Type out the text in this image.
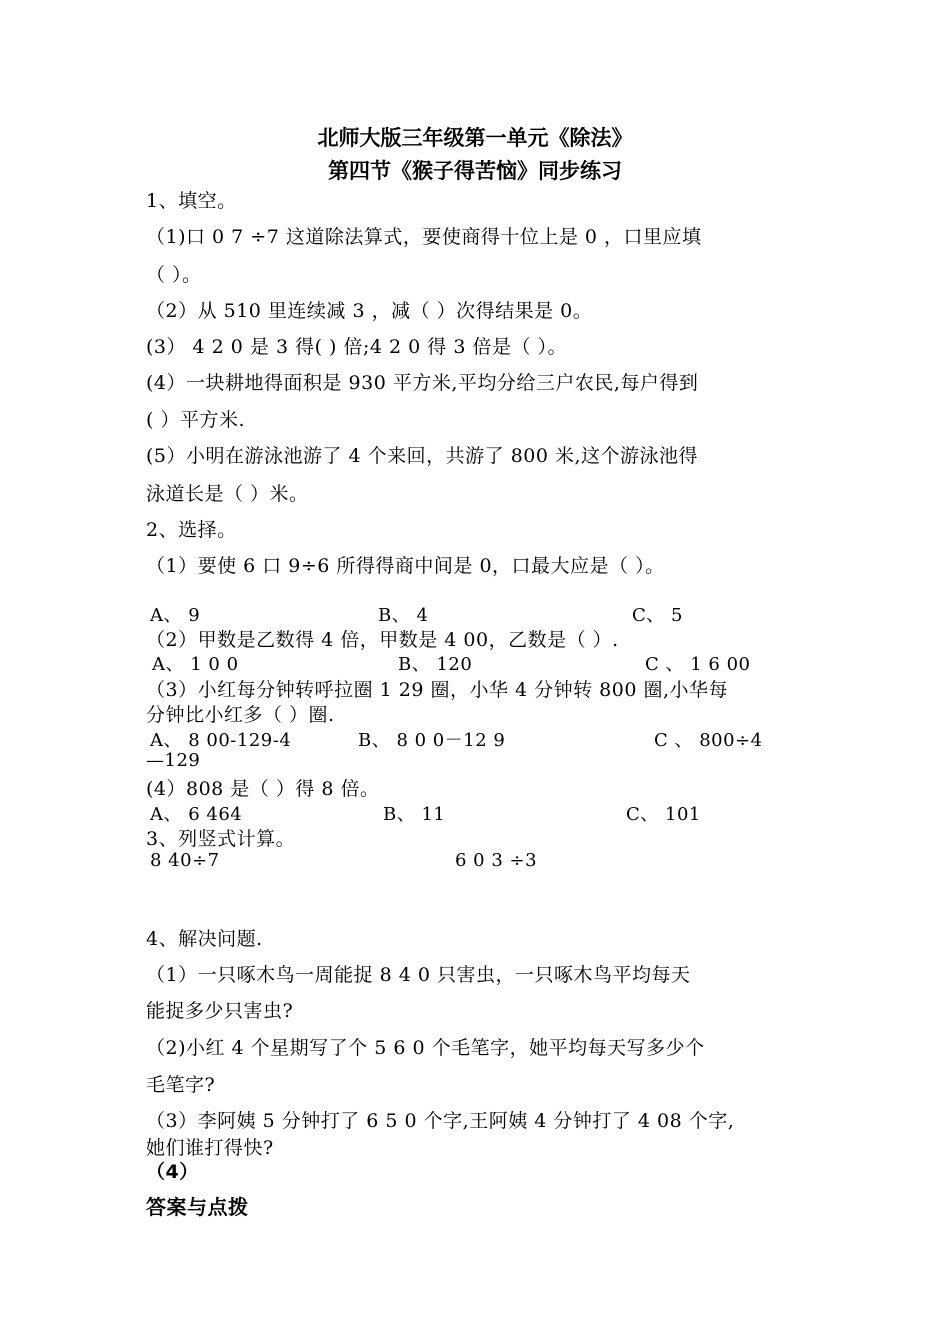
北师大版三年级第一单元《除法》
第四节《猴子得苦恼》同步练习
1、填空。
（1)口 0 7 ÷7 这道除法算式，要使商得十位上是 0 ，口里应填
（ ）。
（2）从 510 里连续减 3 ，减（ ）次得结果是 0。
(3） 4 2 0 是 3 得( ) 倍;4 2 0 得 3 倍是（ ）。
(4）一块耕地得面积是 930 平方米,平均分给三户农民,每户得到
( ）平方米.
(5）小明在游泳池游了 4 个来回，共游了 800 米,这个游泳池得
泳道长是（ ）米。
2、选择。
（1）要使 6 口 9÷6 所得得商中间是 0，口最大应是（ ）。
A、 9	B、 4	C、 5
（2）甲数是乙数得 4 倍，甲数是 4 00，乙数是（ ）.
A、 1 0 0	B、 120	C 、 1 6 00
（3）小红每分钟转呼拉圈 1 29 圈，小华 4 分钟转 800 圈,小华每
分钟比小红多（ ）圈.
A、 8 00-129-4	B、 8 0 0－12 9	C 、 800÷4
—129
(4）808 是（ ）得 8 倍。
A、 6 464	B、 11	C、 101
3、列竖式计算。
8 40÷7	6 0 3 ÷3
4、解决问题.
（1）一只啄木鸟一周能捉 8 4 0 只害虫，一只啄木鸟平均每天
能捉多少只害虫?
（2)小红 4 个星期写了个 5 6 0 个毛笔字，她平均每天写多少个
毛笔字?
（3）李阿姨 5 分钟打了 6 5 0 个字,王阿姨 4 分钟打了 4 08 个字,
她们谁打得快?
（4）
答案与点拨
